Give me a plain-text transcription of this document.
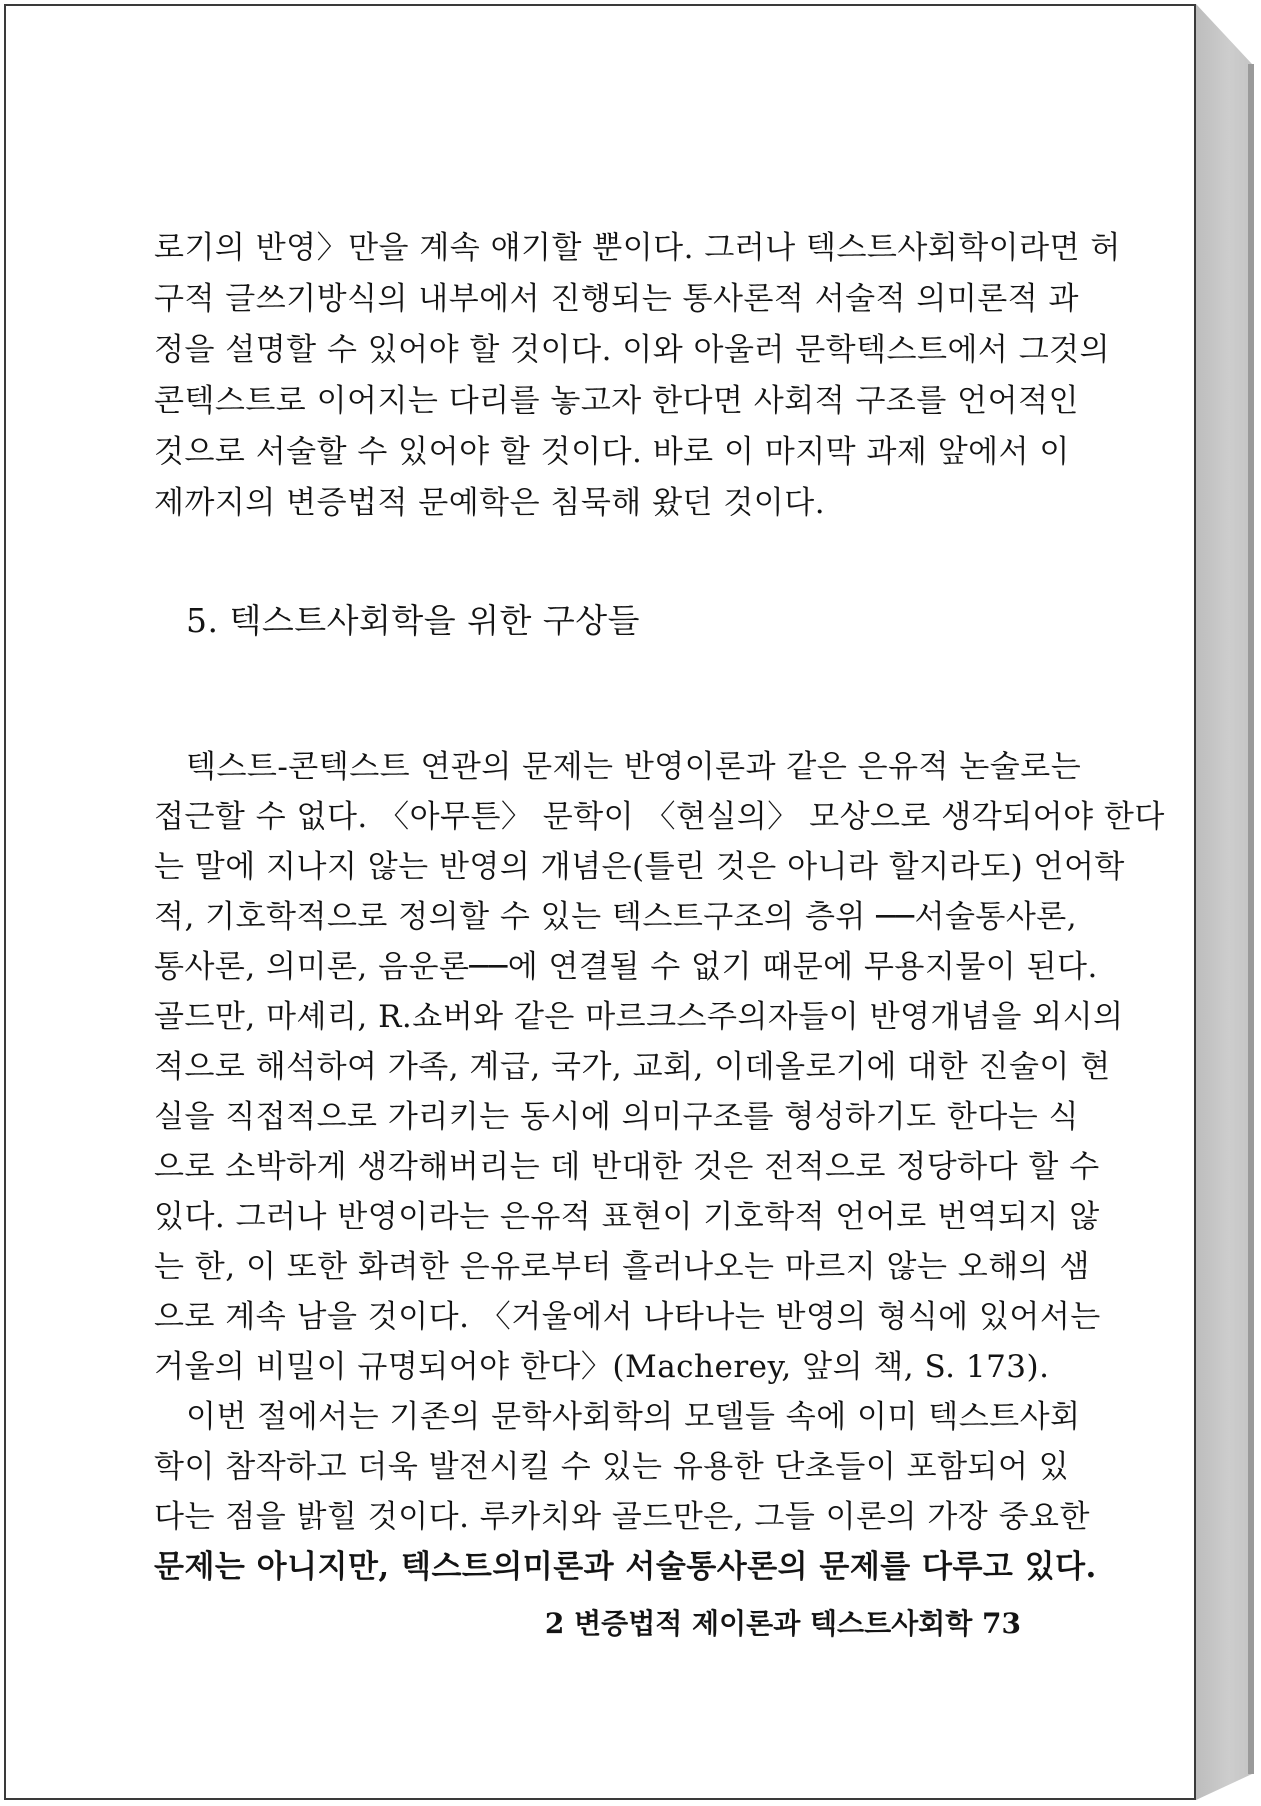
로기의 반영〉만을 계속 얘기할 뿐이다. 그러나 텍스트사회학이라면 허
구적 글쓰기방식의 내부에서 진행되는 통사론적 서술적 의미론적 과
정을 설명할 수 있어야 할 것이다. 이와 아울러 문학텍스트에서 그것의
콘텍스트로 이어지는 다리를 놓고자 한다면 사회적 구조를 언어적인
것으로 서술할 수 있어야 할 것이다. 바로 이 마지막 과제 앞에서 이
제까지의 변증법적 문예학은 침묵해 왔던 것이다.
5. 텍스트사회학을 위한 구상들
텍스트-콘텍스트 연관의 문제는 반영이론과 같은 은유적 논술로는
접근할 수 없다. 〈아무튼〉 문학이 〈현실의〉 모상으로 생각되어야 한다
는 말에 지나지 않는 반영의 개념은(틀린 것은 아니라 할지라도) 언어학
적, 기호학적으로 정의할 수 있는 텍스트구조의 층위 ──서술통사론,
통사론, 의미론, 음운론──에 연결될 수 없기 때문에 무용지물이 된다.
골드만, 마셰리, R.쇼버와 같은 마르크스주의자들이 반영개념을 외시의
적으로 해석하여 가족, 계급, 국가, 교회, 이데올로기에 대한 진술이 현
실을 직접적으로 가리키는 동시에 의미구조를 형성하기도 한다는 식
으로 소박하게 생각해버리는 데 반대한 것은 전적으로 정당하다 할 수
있다. 그러나 반영이라는 은유적 표현이 기호학적 언어로 번역되지 않
는 한, 이 또한 화려한 은유로부터 흘러나오는 마르지 않는 오해의 샘
으로 계속 남을 것이다. 〈거울에서 나타나는 반영의 형식에 있어서는
거울의 비밀이 규명되어야 한다〉(Macherey, 앞의 책, S. 173).
이번 절에서는 기존의 문학사회학의 모델들 속에 이미 텍스트사회
학이 참작하고 더욱 발전시킬 수 있는 유용한 단초들이 포함되어 있
다는 점을 밝힐 것이다. 루카치와 골드만은, 그들 이론의 가장 중요한
문제는 아니지만, 텍스트의미론과 서술통사론의 문제를 다루고 있다.
2 변증법적 제이론과 텍스트사회학 73
